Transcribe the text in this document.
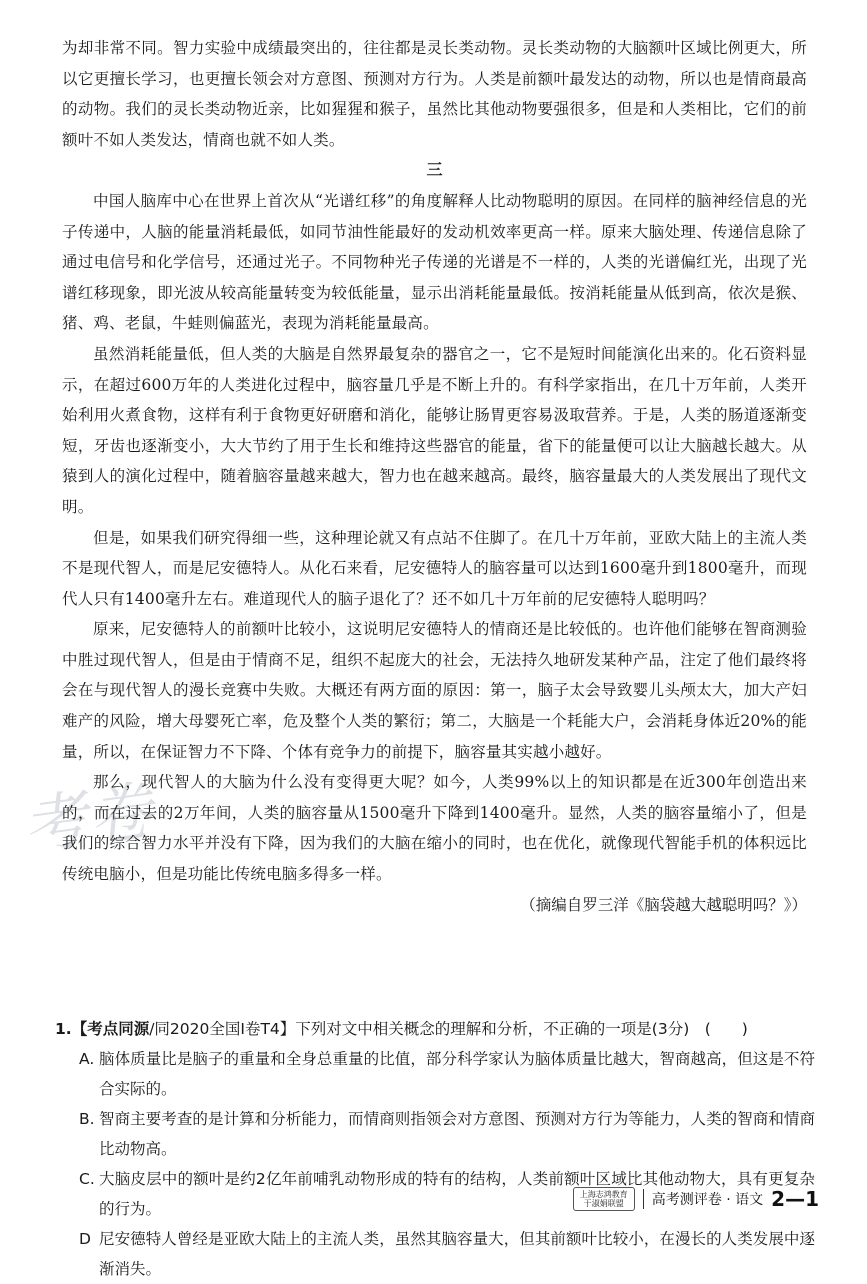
考卷

为却非常不同。智力实验中成绩最突出的，往往都是灵长类动物。灵长类动物的大脑额叶区域比例更大，所以它更擅长学习，也更擅长领会对方意图、预测对方行为。人类是前额叶最发达的动物，所以也是情商最高的动物。我们的灵长类动物近亲，比如猩猩和猴子，虽然比其他动物要强很多，但是和人类相比，它们的前额叶不如人类发达，情商也就不如人类。

三

中国人脑库中心在世界上首次从“光谱红移”的角度解释人比动物聪明的原因。在同样的脑神经信息的光子传递中，人脑的能量消耗最低，如同节油性能最好的发动机效率更高一样。原来大脑处理、传递信息除了通过电信号和化学信号，还通过光子。不同物种光子传递的光谱是不一样的，人类的光谱偏红光，出现了光谱红移现象，即光波从较高能量转变为较低能量，显示出消耗能量最低。按消耗能量从低到高，依次是猴、猪、鸡、老鼠，牛蛙则偏蓝光，表现为消耗能量最高。

虽然消耗能量低，但人类的大脑是自然界最复杂的器官之一，它不是短时间能演化出来的。化石资料显示，在超过600万年的人类进化过程中，脑容量几乎是不断上升的。有科学家指出，在几十万年前，人类开始利用火煮食物，这样有利于食物更好研磨和消化，能够让肠胃更容易汲取营养。于是，人类的肠道逐渐变短，牙齿也逐渐变小，大大节约了用于生长和维持这些器官的能量，省下的能量便可以让大脑越长越大。从猿到人的演化过程中，随着脑容量越来越大，智力也在越来越高。最终，脑容量最大的人类发展出了现代文明。

但是，如果我们研究得细一些，这种理论就又有点站不住脚了。在几十万年前，亚欧大陆上的主流人类不是现代智人，而是尼安德特人。从化石来看，尼安德特人的脑容量可以达到1600毫升到1800毫升，而现代人只有1400毫升左右。难道现代人的脑子退化了？还不如几十万年前的尼安德特人聪明吗？

原来，尼安德特人的前额叶比较小，这说明尼安德特人的情商还是比较低的。也许他们能够在智商测验中胜过现代智人，但是由于情商不足，组织不起庞大的社会，无法持久地研发某种产品，注定了他们最终将会在与现代智人的漫长竞赛中失败。大概还有两方面的原因：第一，脑子太会导致婴儿头颅太大，加大产妇难产的风险，增大母婴死亡率，危及整个人类的繁衍；第二，大脑是一个耗能大户，会消耗身体近20%的能量，所以，在保证智力不下降、个体有竞争力的前提下，脑容量其实越小越好。

那么，现代智人的大脑为什么没有变得更大呢？如今，人类99%以上的知识都是在近300年创造出来的，而在过去的2万年间，人类的脑容量从1500毫升下降到1400毫升。显然，人类的脑容量缩小了，但是我们的综合智力水平并没有下降，因为我们的大脑在缩小的同时，也在优化，就像现代智能手机的体积远比传统电脑小，但是功能比传统电脑多得多一样。

（摘编自罗三洋《脑袋越大越聪明吗？》）

1.【考点同源/同2020全国Ⅰ卷T4】下列对文中相关概念的理解和分析，不正确的一项是(3分)　(　　)

A. 脑体质量比是脑子的重量和全身总重量的比值，部分科学家认为脑体质量比越大，智商越高，但这是不符合实际的。
B. 智商主要考查的是计算和分析能力，而情商则指领会对方意图、预测对方行为等能力，人类的智商和情商比动物高。
C. 大脑皮层中的额叶是约2亿年前哺乳动物形成的特有的结构，人类前额叶区域比其他动物大，具有更复杂的行为。
D 尼安德特人曾经是亚欧大陆上的主流人类，虽然其脑容量大，但其前额叶比较小，在漫长的人类发展中逐渐消失。
上海志鸿教育
于淑娟联盟 高考测评卷 · 语文 2—1
